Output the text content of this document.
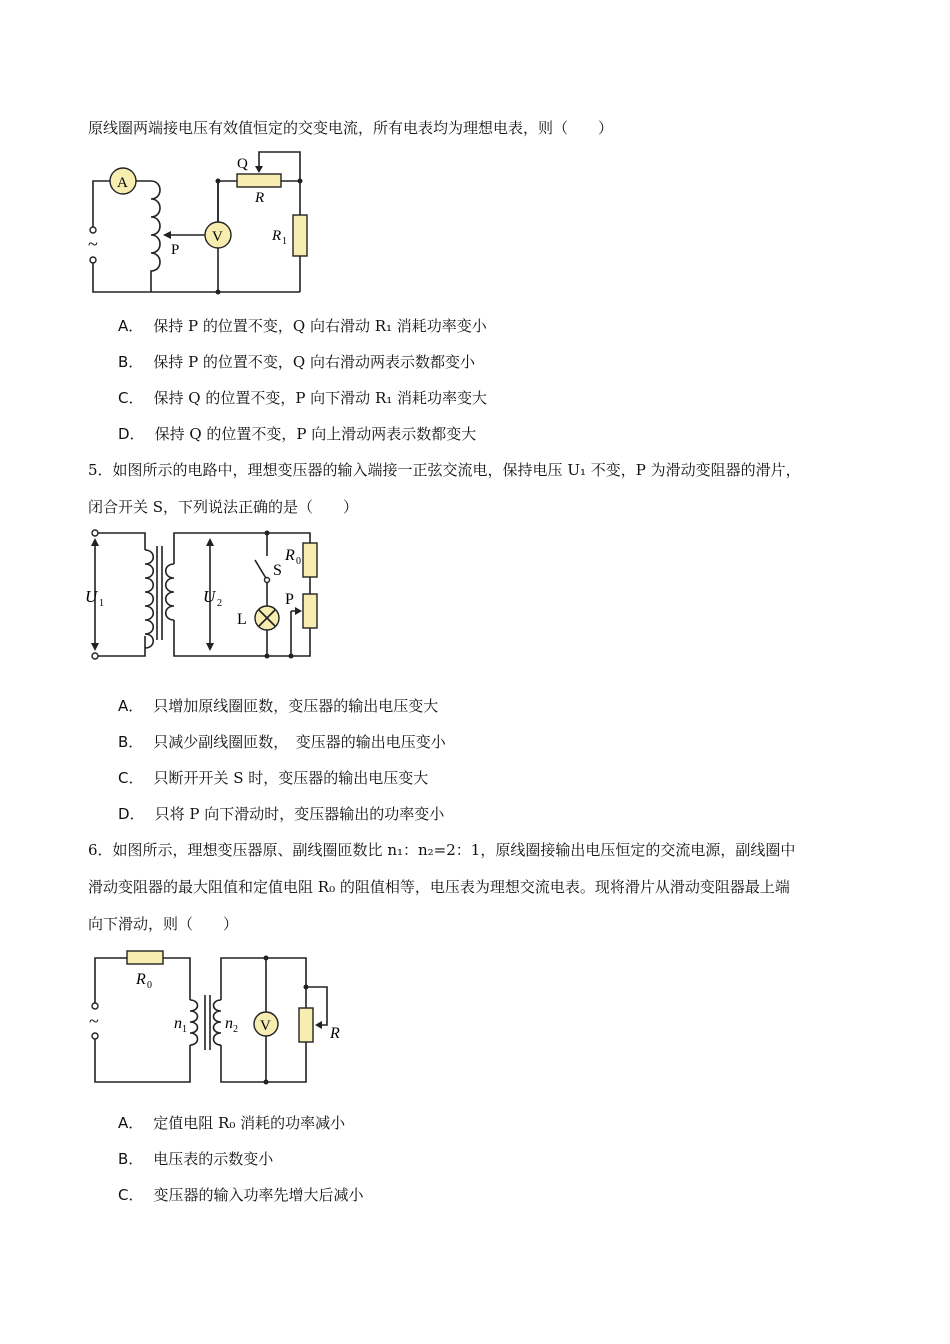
原线圈两端接电压有效值恒定的交变电流，所有电表均为理想电表，则（　　）
~
A
P
V
Q
R
R 1
A． 保持 P 的位置不变，Q 向右滑动 R₁ 消耗功率变小
B． 保持 P 的位置不变，Q 向右滑动两表示数都变小
C． 保持 Q 的位置不变，P 向下滑动 R₁ 消耗功率变大
D． 保持 Q 的位置不变，P 向上滑动两表示数都变大
5．如图所示的电路中，理想变压器的输入端接一正弦交流电，保持电压 U₁ 不变，P 为滑动变阻器的滑片，
闭合开关 S，下列说法正确的是（　　）
U 1	U 2
S
L
R 0
P
A． 只增加原线圈匝数，变压器的输出电压变大
B． 只减少副线圈匝数，　变压器的输出电压变小
C． 只断开开关 S 时，变压器的输出电压变大
D． 只将 P 向下滑动时，变压器输出的功率变小
6．如图所示，理想变压器原、副线圈匝数比 n₁：n₂=2：1，原线圈接输出电压恒定的交流电源，副线圈中
滑动变阻器的最大阻值和定值电阻 R₀ 的阻值相等，电压表为理想交流电表。现将滑片从滑动变阻器最上端
向下滑动，则（　　）
R 0
~	n 1 n 2 V	R
A． 定值电阻 R₀ 消耗的功率减小
B． 电压表的示数变小
C． 变压器的输入功率先增大后减小
